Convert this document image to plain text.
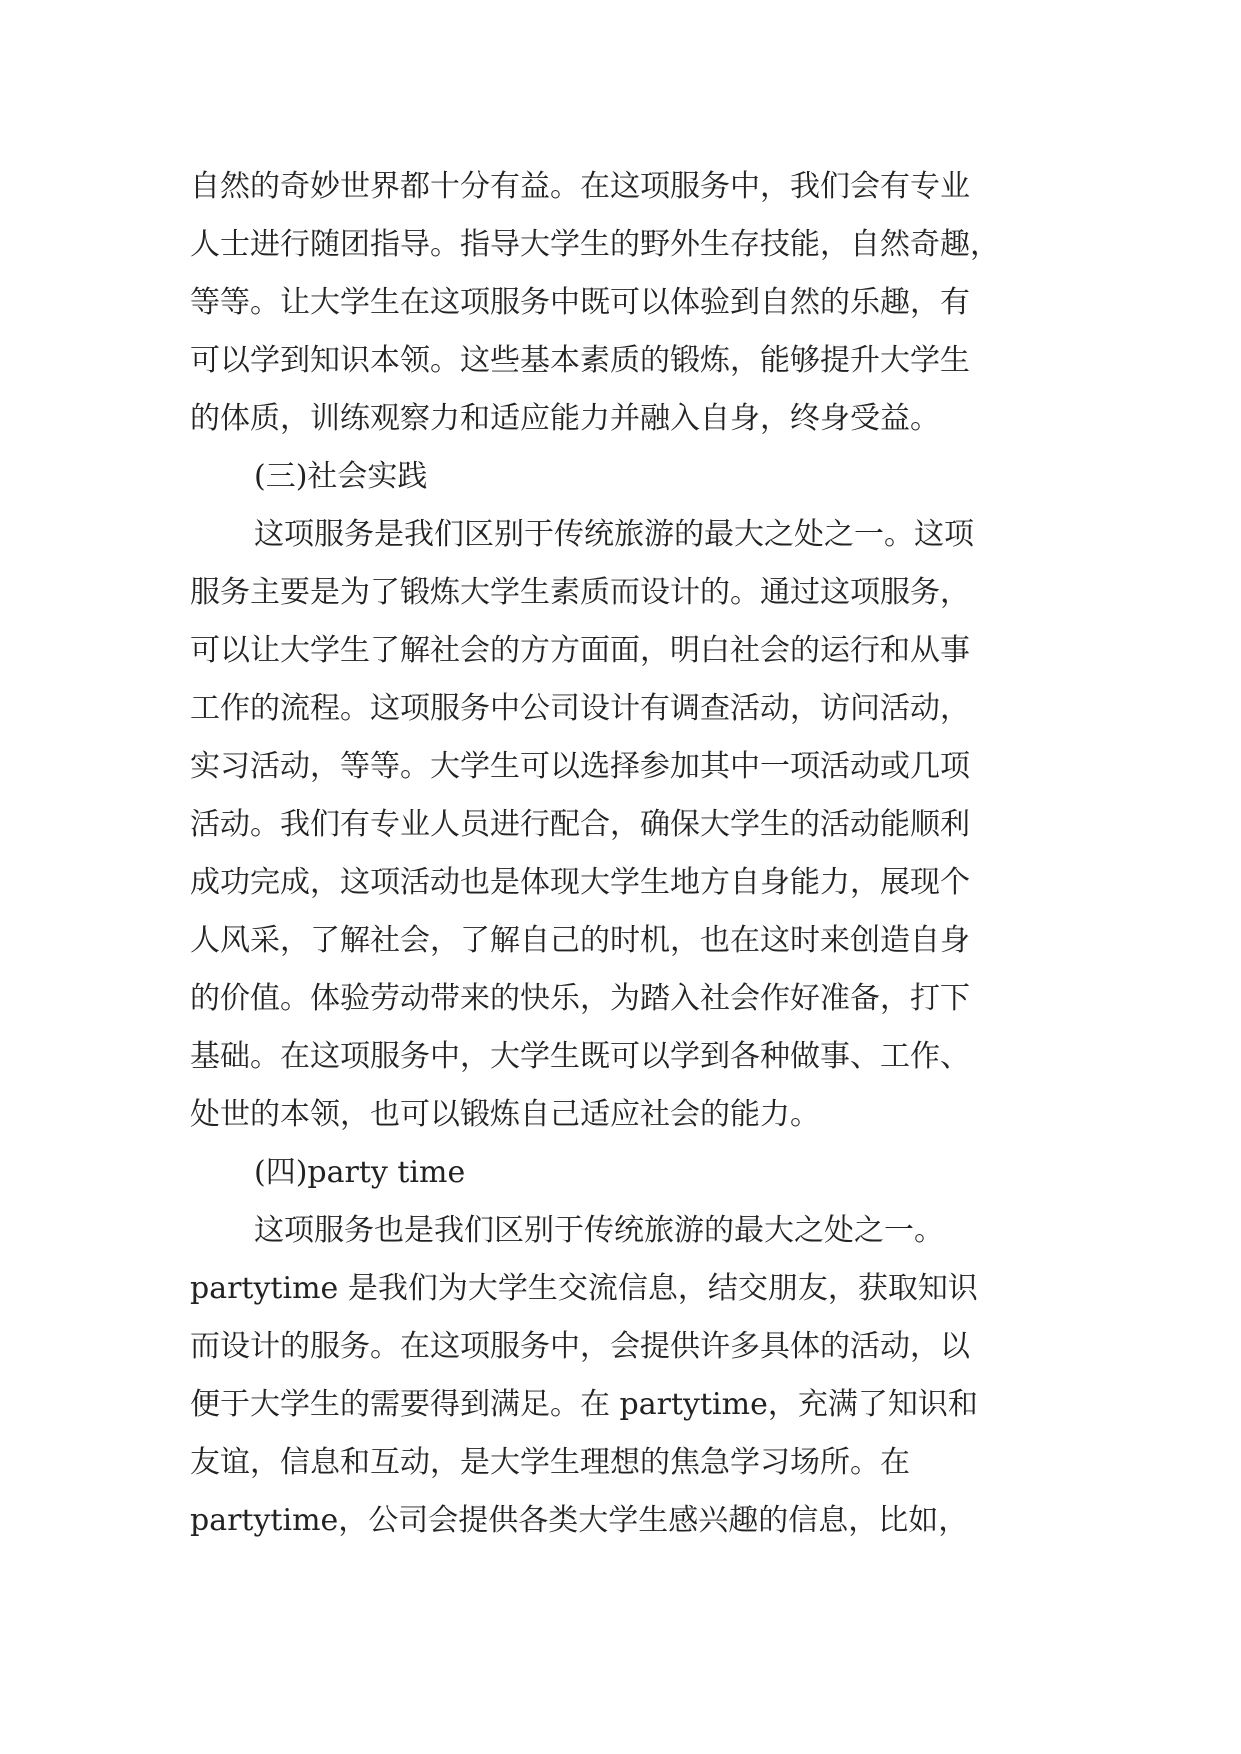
自然的奇妙世界都十分有益。在这项服务中，我们会有专业
人士进行随团指导。指导大学生的野外生存技能，自然奇趣，
等等。让大学生在这项服务中既可以体验到自然的乐趣，有
可以学到知识本领。这些基本素质的锻炼，能够提升大学生
的体质，训练观察力和适应能力并融入自身，终身受益。
(三)社会实践
这项服务是我们区别于传统旅游的最大之处之一。这项
服务主要是为了锻炼大学生素质而设计的。通过这项服务，
可以让大学生了解社会的方方面面，明白社会的运行和从事
工作的流程。这项服务中公司设计有调查活动，访问活动，
实习活动，等等。大学生可以选择参加其中一项活动或几项
活动。我们有专业人员进行配合，确保大学生的活动能顺利
成功完成，这项活动也是体现大学生地方自身能力，展现个
人风采，了解社会，了解自己的时机，也在这时来创造自身
的价值。体验劳动带来的快乐，为踏入社会作好准备，打下
基础。在这项服务中，大学生既可以学到各种做事、工作、
处世的本领，也可以锻炼自己适应社会的能力。
(四)party time
这项服务也是我们区别于传统旅游的最大之处之一。
partytime 是我们为大学生交流信息，结交朋友，获取知识
而设计的服务。在这项服务中，会提供许多具体的活动，以
便于大学生的需要得到满足。在 partytime，充满了知识和
友谊，信息和互动，是大学生理想的焦急学习场所。在
partytime，公司会提供各类大学生感兴趣的信息，比如，
